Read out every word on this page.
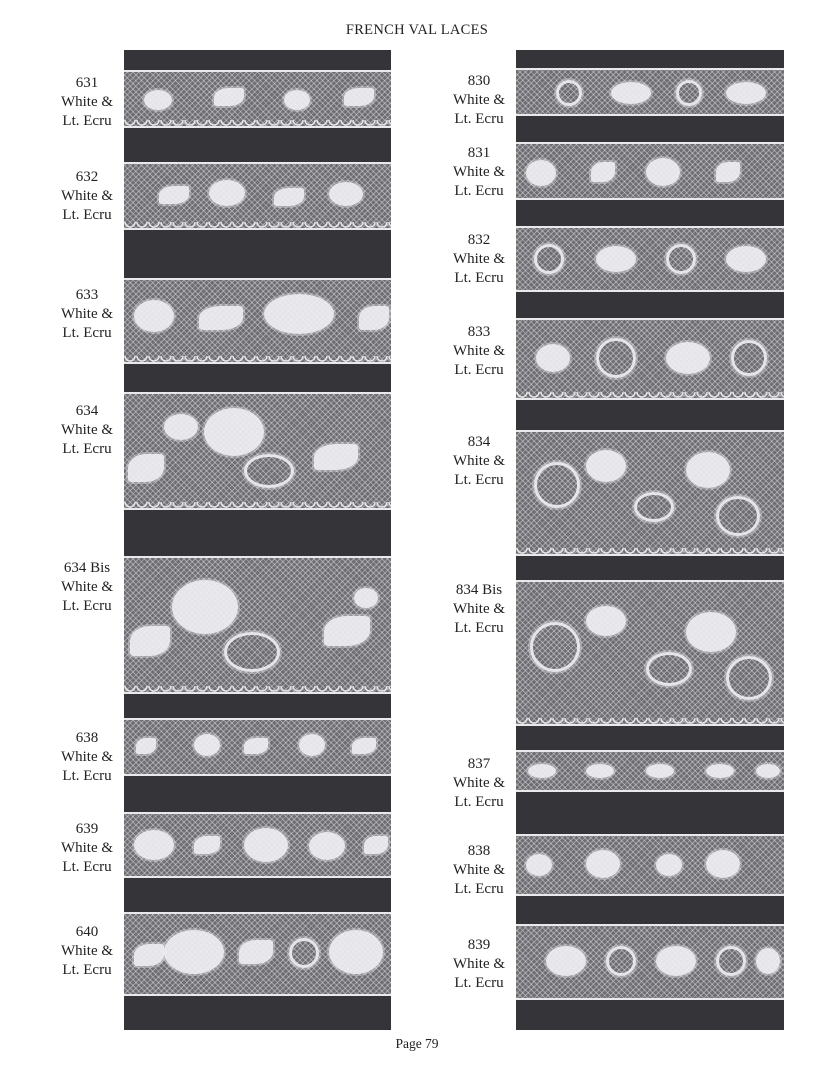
FRENCH VAL LACES
631
White &
Lt. Ecru
632
White &
Lt. Ecru
633
White &
Lt. Ecru
634
White &
Lt. Ecru
634 Bis
White &
Lt. Ecru
638
White &
Lt. Ecru
639
White &
Lt. Ecru
640
White &
Lt. Ecru
830
White &
Lt. Ecru
831
White &
Lt. Ecru
832
White &
Lt. Ecru
833
White &
Lt. Ecru
834
White &
Lt. Ecru
834 Bis
White &
Lt. Ecru
837
White &
Lt. Ecru
838
White &
Lt. Ecru
839
White &
Lt. Ecru
Page 79
